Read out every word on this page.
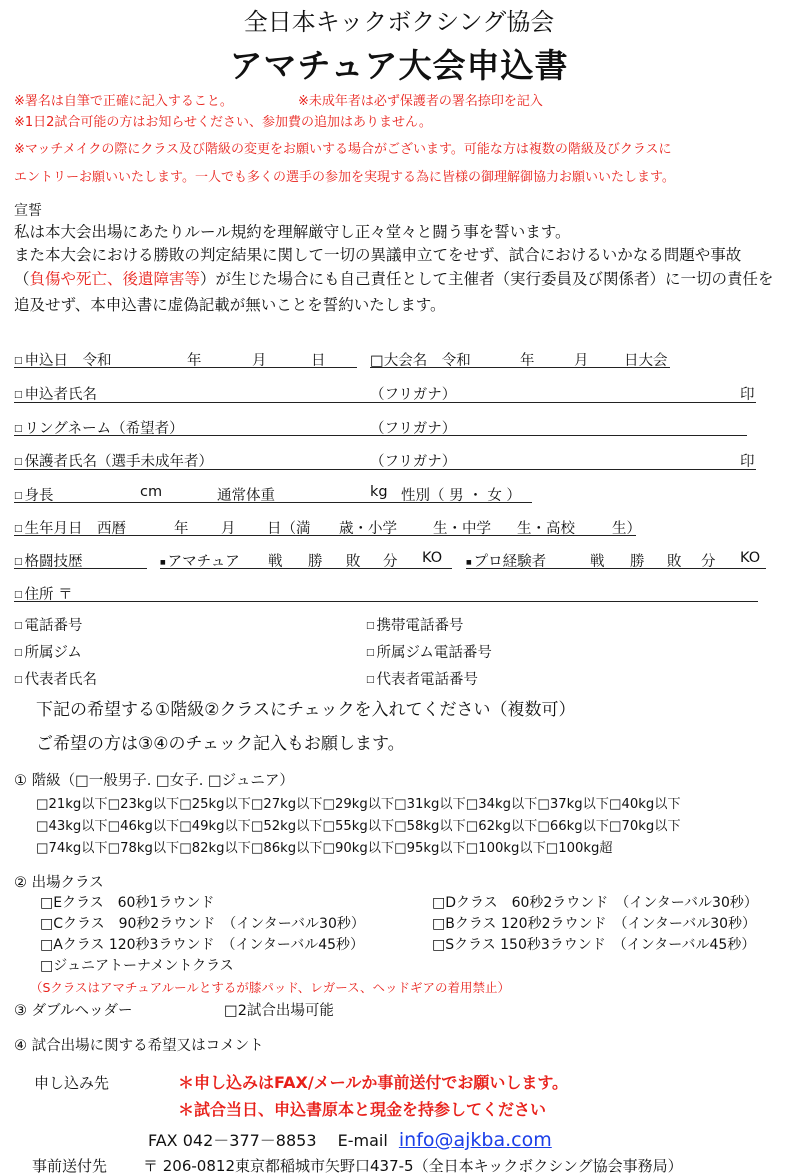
全日本キックボクシング協会
アマチュア大会申込書
※署名は自筆で正確に記入すること。	※未成年者は必ず保護者の署名捺印を記入
※1日2試合可能の方はお知らせください、参加費の追加はありません。
※マッチメイクの際にクラス及び階級の変更をお願いする場合がございます。可能な方は複数の階級及びクラスに
エントリーお願いいたします。一人でも多くの選手の参加を実現する為に皆様の御理解御協力お願いいたします。
宣誓
私は本大会出場にあたりルール規約を理解厳守し正々堂々と闘う事を誓います。
また本大会における勝敗の判定結果に関して一切の異議申立てをせず、試合におけるいかなる問題や事故
（負傷や死亡、後遺障害等）が生じた場合にも自己責任として主催者（実行委員及び関係者）に一切の責任を
追及せず、本申込書に虚偽記載が無いことを誓約いたします。
□ 申込日　令和	年	月	日	□大会名　令和	年	月 日大会
□ 申込者氏名	（フリガナ）	印
□ リングネーム（希望者）	（フリガナ）
□ 保護者氏名（選手未成年者）	（フリガナ）	印
□ 身長	cm	通常体重	kg 性別（ 男 ・ 女 ）
□ 生年月日　西暦	年 月 日（満 歳・小学 生・中学 生・高校	生）
□ 格闘技歴	■ アマチュア 戦 勝 敗 分 KO	■ プロ経験者	戦 勝 敗 分 KO
□ 住所 〒
□ 電話番号	□ 携帯電話番号
□ 所属ジム	□ 所属ジム電話番号
□ 代表者氏名	□ 代表者電話番号
下記の希望する①階級②クラスにチェックを入れてください（複数可）
ご希望の方は③④のチェック記入もお願します。
① 階級（□一般男子. □女子. □ジュニア）
□21kg以下□23kg以下□25kg以下□27kg以下□29kg以下□31kg以下□34kg以下□37kg以下□40kg以下
□43kg以下□46kg以下□49kg以下□52kg以下□55kg以下□58kg以下□62kg以下□66kg以下□70kg以下
□74kg以下□78kg以下□82kg以下□86kg以下□90kg以下□95kg以下□100kg以下□100kg超
② 出場クラス
□Eクラス　60秒1ラウンド	□Dクラス　60秒2ラウンド　（インターバル30秒）
□Cクラス　90秒2ラウンド　（インターバル30秒）	□Bクラス 120秒2ラウンド　（インターバル30秒）
□Aクラス 120秒3ラウンド　（インターバル45秒）	□Sクラス 150秒3ラウンド　（インターバル45秒）
□ジュニアトーナメントクラス
（Sクラスはアマチュアルールとするが膝パッド、レガース、ヘッドギアの着用禁止）
③ ダブルヘッダー	□2試合出場可能
④ 試合出場に関する希望又はコメント
申し込み先	＊申し込みはFAX/メールか事前送付でお願いします。
＊試合当日、申込書原本と現金を持参してください
FAX 042－377－8853　 E-mail info@ajkba.com
事前送付先 〒 206-0812東京都稲城市矢野口437-5（全日本キックボクシング協会事務局）
